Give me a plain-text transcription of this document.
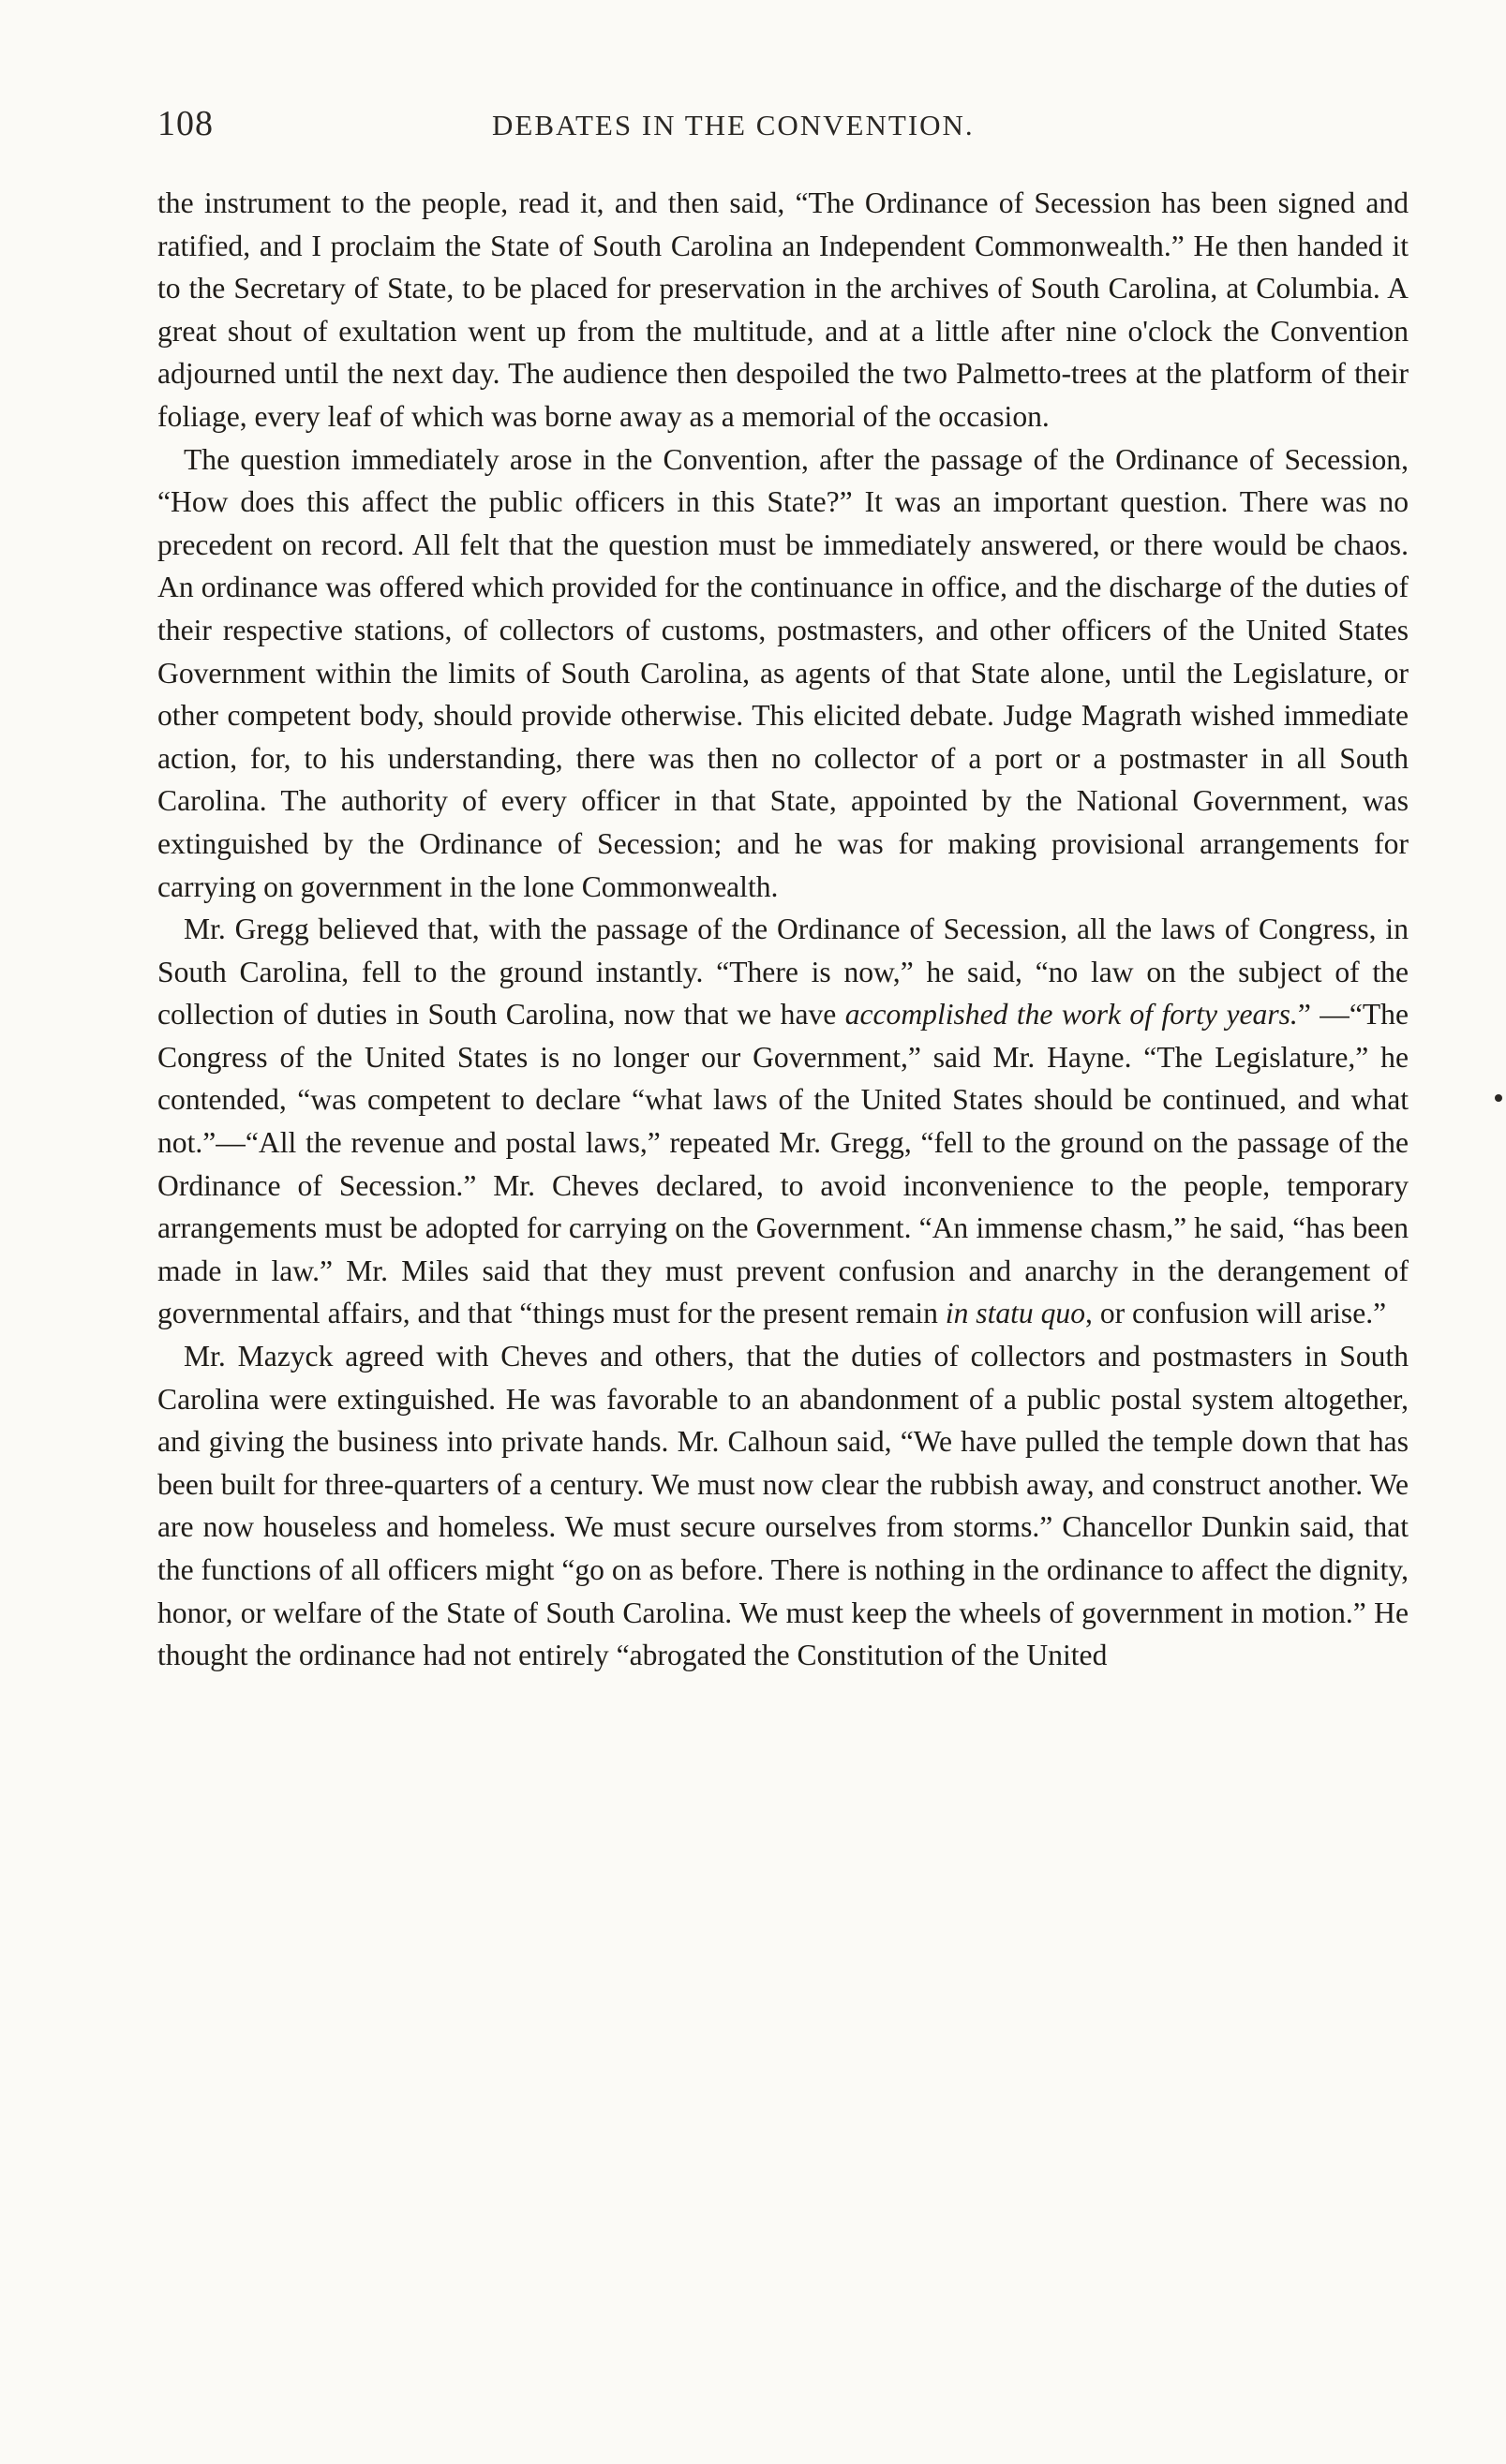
108	DEBATES IN THE CONVENTION.

the instrument to the people, read it, and then said, “The Ordinance of Secession has been signed and ratified, and I proclaim the State of South Carolina an Independent Commonwealth.” He then handed it to the Secretary of State, to be placed for preservation in the archives of South Carolina, at Columbia. A great shout of exultation went up from the multitude, and at a little after nine o'clock the Convention adjourned until the next day. The audience then despoiled the two Palmetto-trees at the platform of their foliage, every leaf of which was borne away as a memorial of the occasion.

The question immediately arose in the Convention, after the passage of the Ordinance of Secession, “How does this affect the public officers in this State?” It was an important question. There was no precedent on record. All felt that the question must be immediately answered, or there would be chaos. An ordinance was offered which provided for the continuance in office, and the discharge of the duties of their respective stations, of collectors of customs, postmasters, and other officers of the United States Government within the limits of South Carolina, as agents of that State alone, until the Legislature, or other competent body, should provide otherwise. This elicited debate. Judge Magrath wished immediate action, for, to his understanding, there was then no collector of a port or a postmaster in all South Carolina. The authority of every officer in that State, appointed by the National Government, was extinguished by the Ordinance of Secession; and he was for making provisional arrangements for carrying on government in the lone Commonwealth.

Mr. Gregg believed that, with the passage of the Ordinance of Secession, all the laws of Congress, in South Carolina, fell to the ground instantly. “There is now,” he said, “no law on the subject of the collection of duties in South Carolina, now that we have accomplished the work of forty years.” —“The Congress of the United States is no longer our Government,” said Mr. Hayne. “The Legislature,” he contended, “was competent to declare “what laws of the United States should be continued, and what not.”—“All the revenue and postal laws,” repeated Mr. Gregg, “fell to the ground on the passage of the Ordinance of Secession.” Mr. Cheves declared, to avoid inconvenience to the people, temporary arrangements must be adopted for carrying on the Government. “An immense chasm,” he said, “has been made in law.” Mr. Miles said that they must prevent confusion and anarchy in the derangement of governmental affairs, and that “things must for the present remain in statu quo, or confusion will arise.”

Mr. Mazyck agreed with Cheves and others, that the duties of collectors and postmasters in South Carolina were extinguished. He was favorable to an abandonment of a public postal system altogether, and giving the business into private hands. Mr. Calhoun said, “We have pulled the temple down that has been built for three-quarters of a century. We must now clear the rubbish away, and construct another. We are now houseless and homeless. We must secure ourselves from storms.” Chancellor Dunkin said, that the functions of all officers might “go on as before. There is nothing in the ordinance to affect the dignity, honor, or welfare of the State of South Carolina. We must keep the wheels of government in motion.” He thought the ordinance had not entirely “abrogated the Constitution of the United
